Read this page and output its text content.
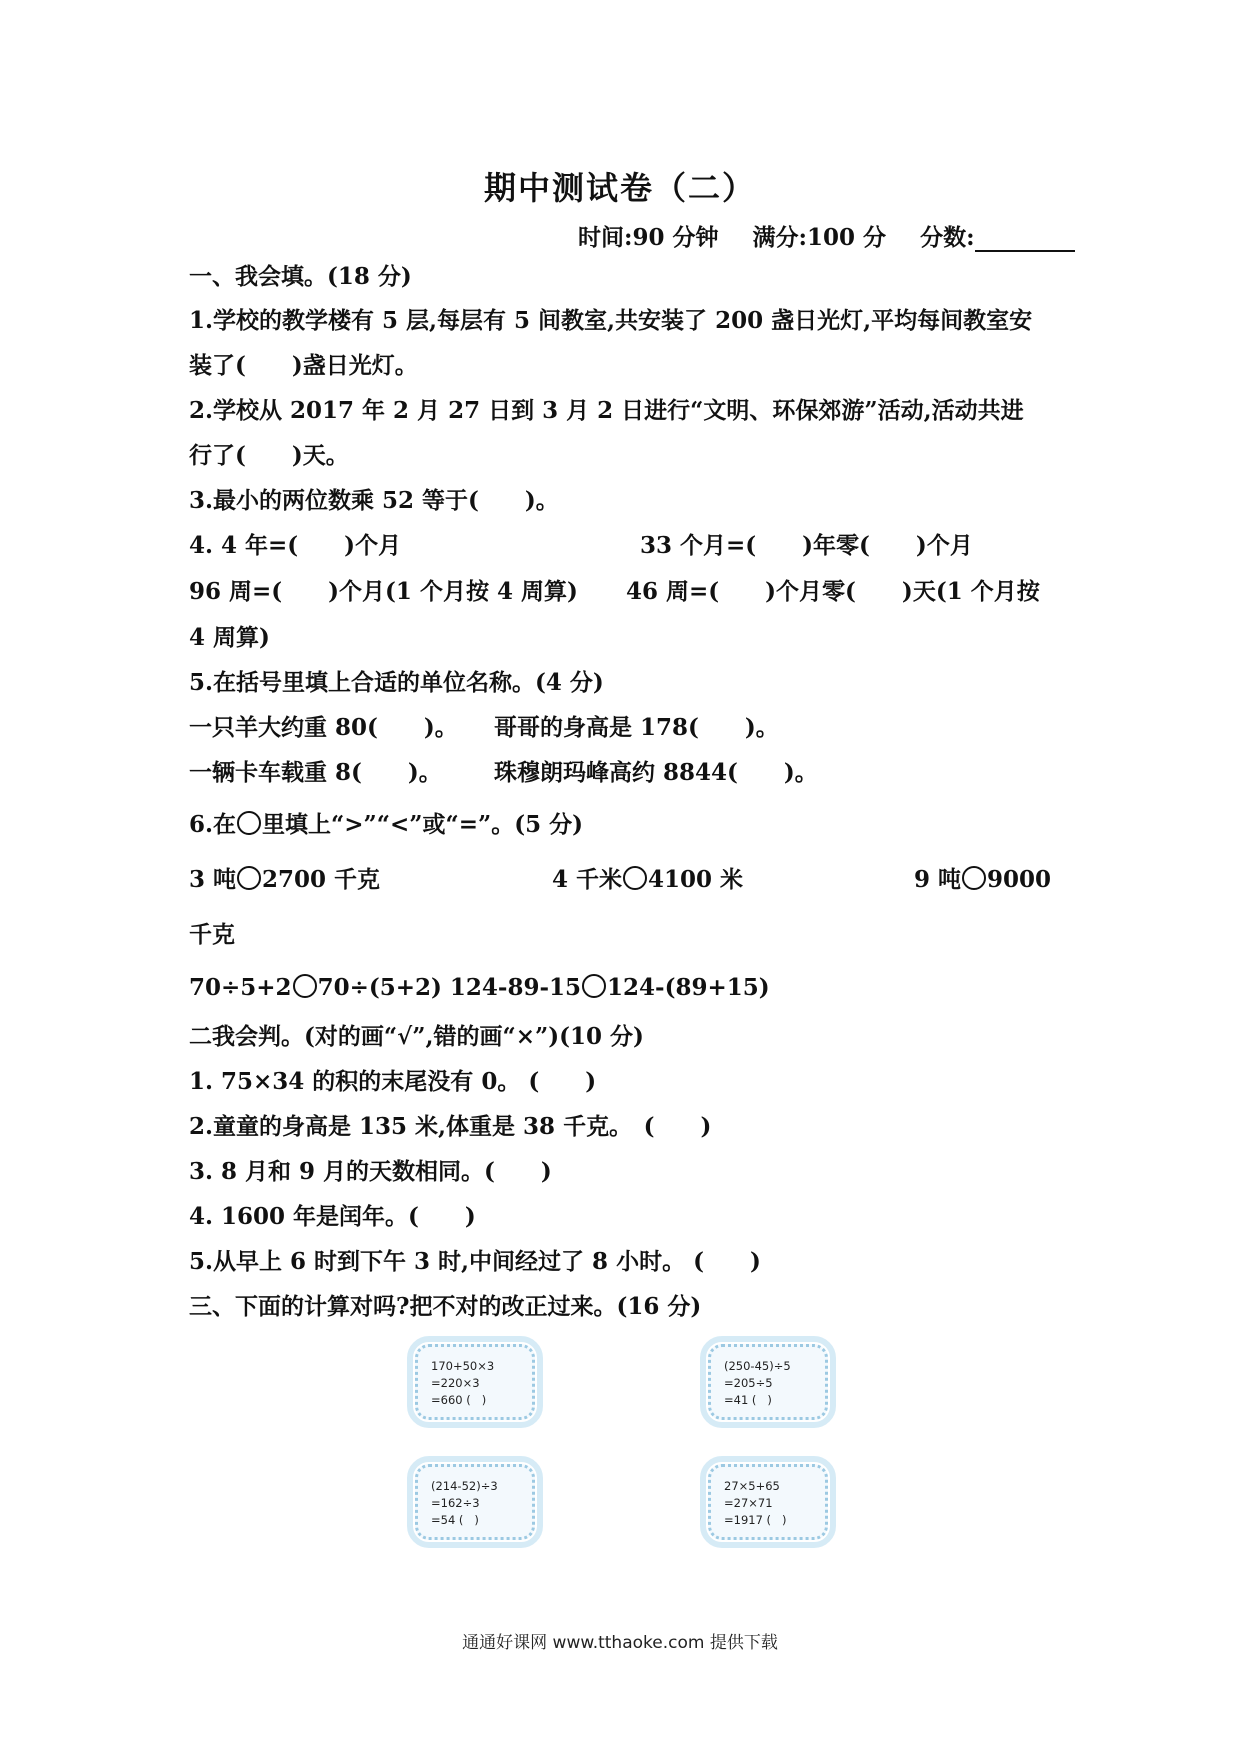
期中测试卷（二）
时间:90 分钟 满分:100 分 分数:
一、我会填。(18 分)
1.学校的教学楼有 5 层,每层有 5 间教室,共安装了 200 盏日光灯,平均每间教室安
装了(　　)盏日光灯。
2.学校从 2017 年 2 月 27 日到 3 月 2 日进行“文明、环保郊游”活动,活动共进
行了(　　)天。
3.最小的两位数乘 52 等于(　　)。
4. 4 年=(　　)个月	33 个月=(　　)年零(　　)个月
96 周=(　　)个月(1 个月按 4 周算) 46 周=(　　)个月零(　　)天(1 个月按
4 周算)
5.在括号里填上合适的单位名称。(4 分)
一只羊大约重 80(　　)。 哥哥的身高是 178(　　)。
一辆卡车载重 8(　　)。 珠穆朗玛峰高约 8844(　　)。
6.在 里填上“>”“<”或“=”。(5 分)
3 吨 2700 千克	4 千米 4100 米	9 吨 9000
千克
70÷5+2 70÷(5+2) 124-89-15 124-(89+15)
二我会判。(对的画“√”,错的画“×”)(10 分)
1. 75×34 的积的末尾没有 0。 (　　)
2.童童的身高是 135 米,体重是 38 千克。　(　　)
3. 8 月和 9 月的天数相同。(　　)
4. 1600 年是闰年。(　　)
5.从早上 6 时到下午 3 时,中间经过了 8 小时。 (　　)
三、下面的计算对吗?把不对的改正过来。(16 分)
170+50×3
=220×3
=660 (   )
(250-45)÷5
=205÷5
=41 (   )
(214-52)÷3
=162÷3
=54 (   )
27×5+65
=27×71
=1917 (   )
通通好课网 www.tthaoke.com 提供下载
